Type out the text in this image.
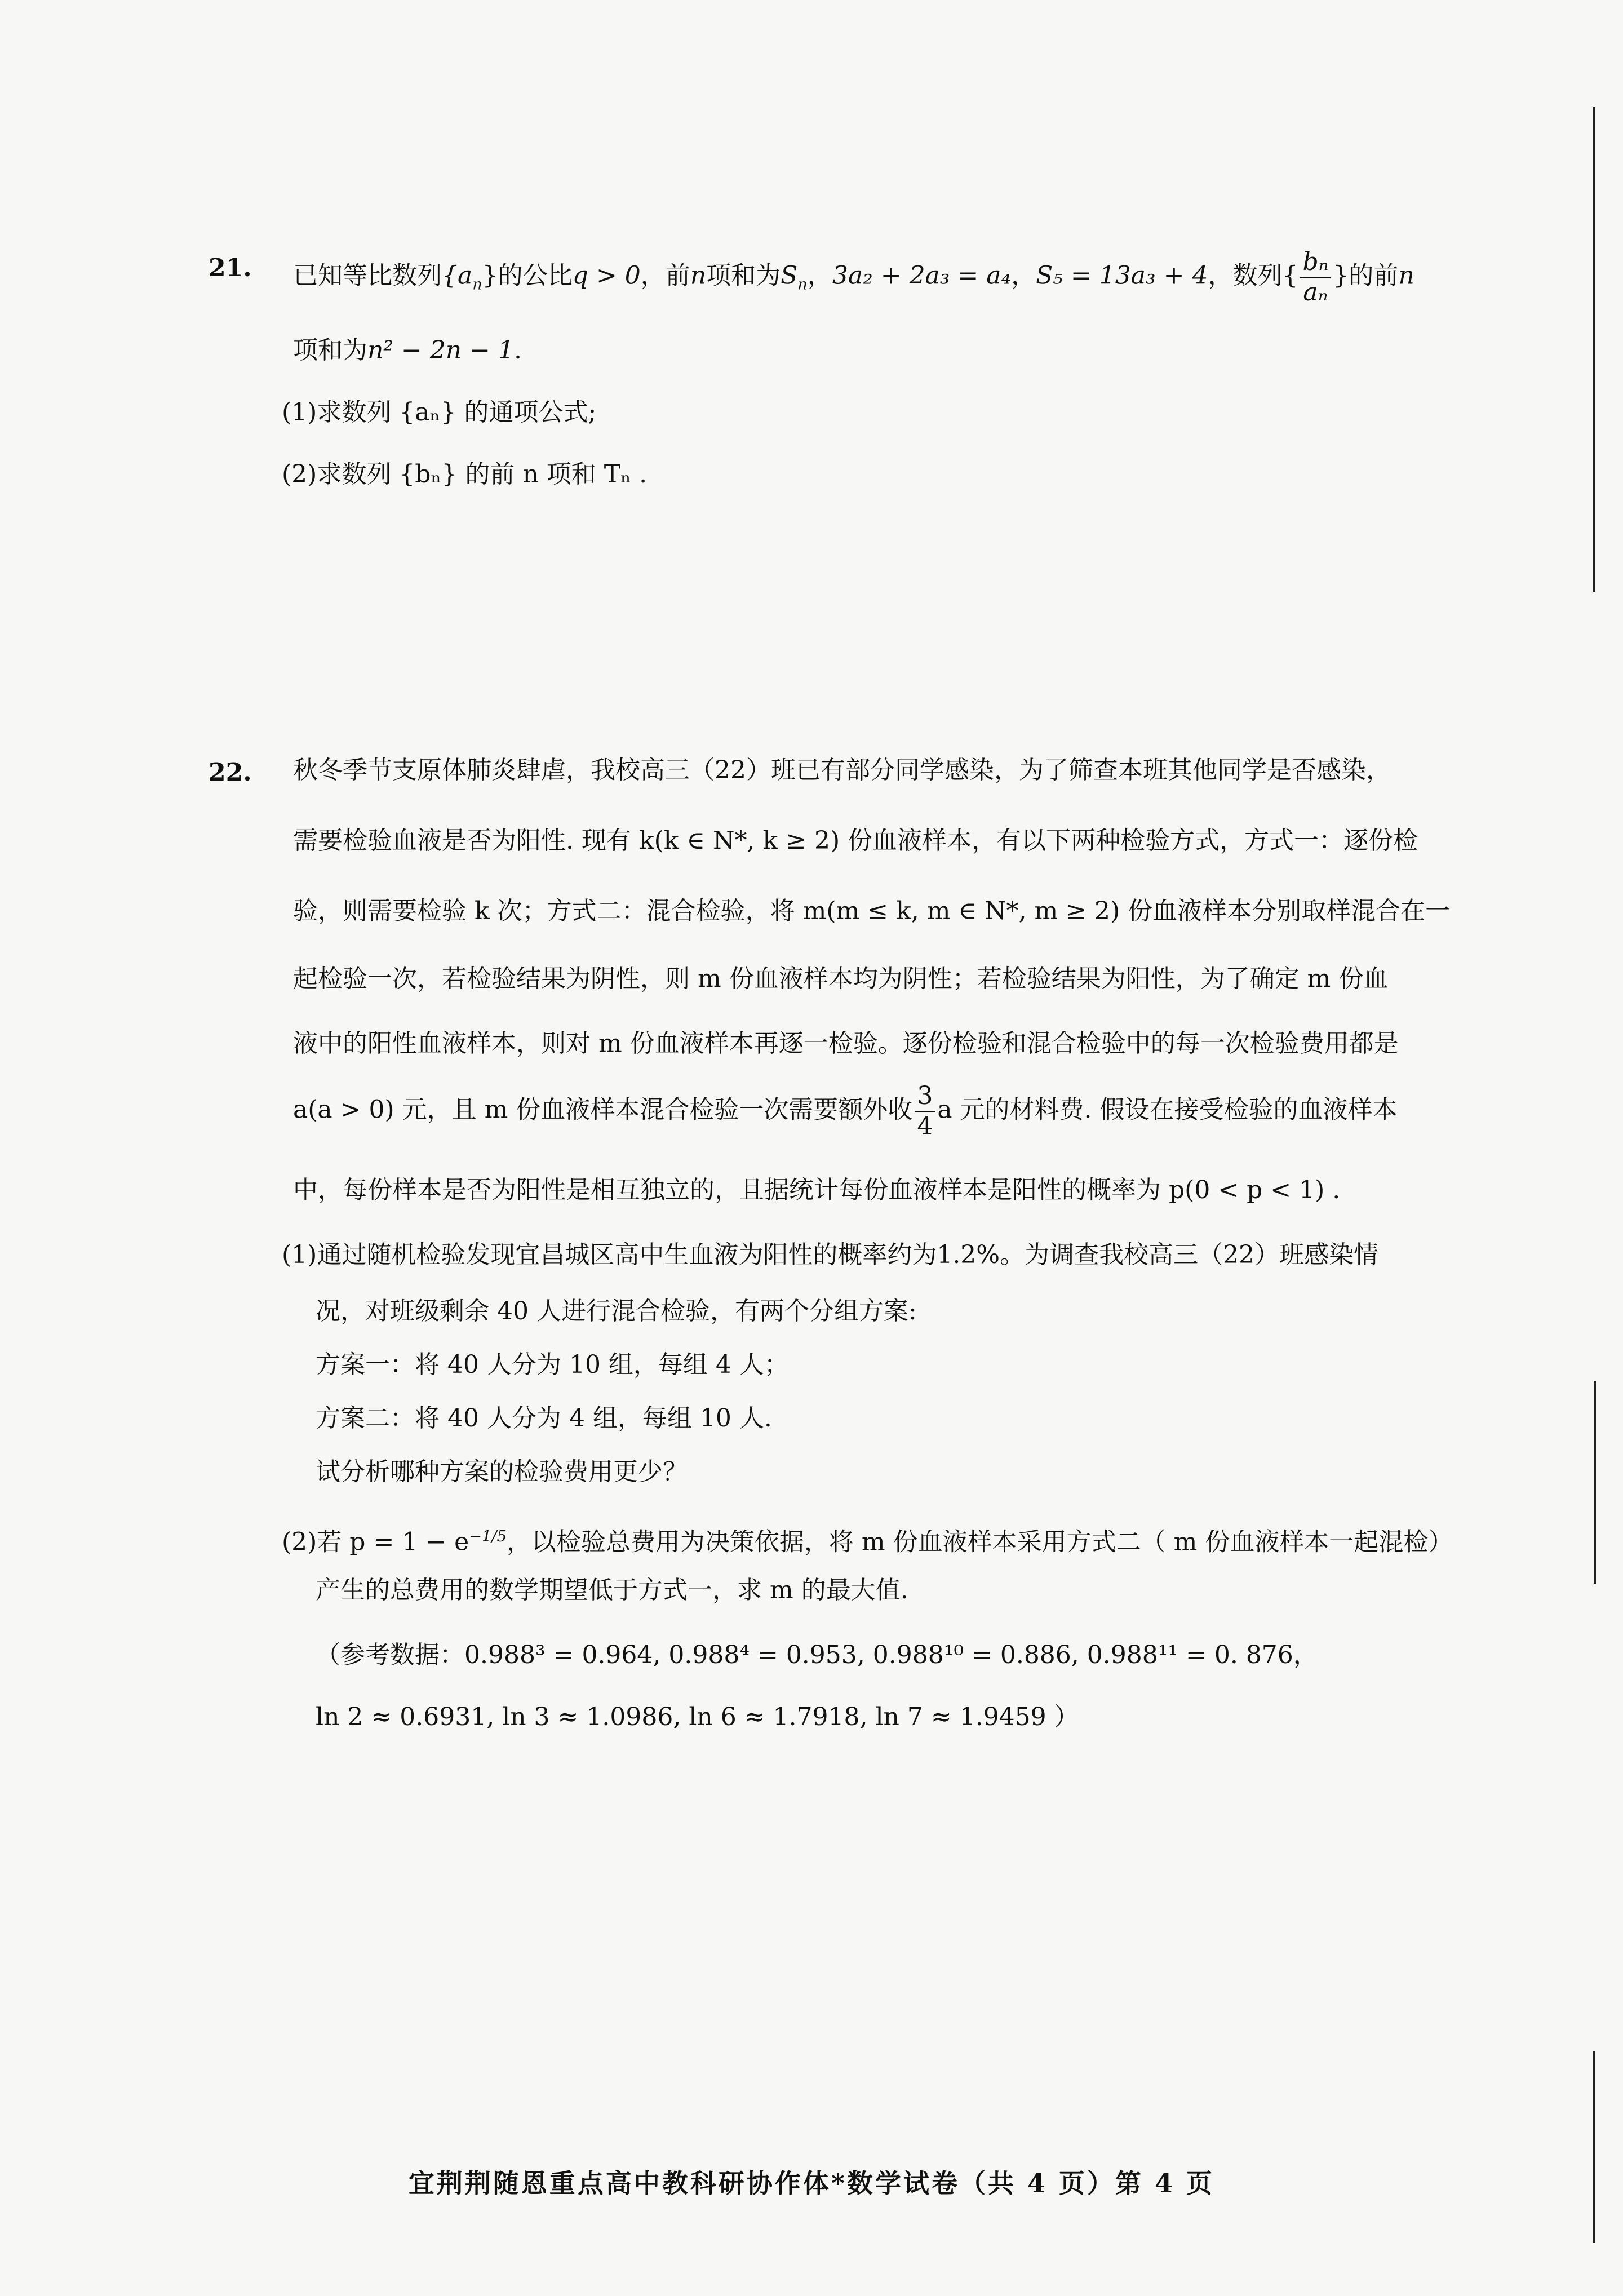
21. 已知等比数列$\{a_n\}$的公比q > 0，前n项和为$S_n$，3a₂ + 2a₃ = a₄，S₅ = 13a₃ + 4，数列{ $\frac{\text{bₙ}}{\text{aₙ}}$ }的前n
项和为n² − 2n − 1.
(1)求数列 {aₙ} 的通项公式;
(2)求数列 {bₙ} 的前 n 项和 Tₙ .
22. 秋冬季节支原体肺炎肆虐，我校高三（22）班已有部分同学感染，为了筛查本班其他同学是否感染，
需要检验血液是否为阳性. 现有 k(k ∈ N*, k ≥ 2) 份血液样本，有以下两种检验方式，方式一：逐份检
验，则需要检验 k 次；方式二：混合检验，将 m(m ≤ k, m ∈ N*, m ≥ 2) 份血液样本分别取样混合在一
起检验一次，若检验结果为阴性，则 m 份血液样本均为阴性；若检验结果为阳性，为了确定 m 份血
液中的阳性血液样本，则对 m 份血液样本再逐一检验。逐份检验和混合检验中的每一次检验费用都是
a(a > 0) 元，且 m 份血液样本混合检验一次需要额外收 $\frac{3}{4}$ a 元的材料费. 假设在接受检验的血液样本
中，每份样本是否为阳性是相互独立的，且据统计每份血液样本是阳性的概率为 p(0 < p < 1) .
(1)通过随机检验发现宜昌城区高中生血液为阳性的概率约为1.2%。为调查我校高三（22）班感染情
况，对班级剩余 40 人进行混合检验，有两个分组方案:
方案一：将 40 人分为 10 组，每组 4 人；
方案二：将 40 人分为 4 组，每组 10 人.
试分析哪种方案的检验费用更少？
(2)若 $p = 1 - e^{-1/5}$，以检验总费用为决策依据，将 m 份血液样本采用方式二（ m 份血液样本一起混检）
产生的总费用的数学期望低于方式一，求 m 的最大值.
（参考数据：0.988³ = 0.964, 0.988⁴ = 0.953, 0.988¹⁰ = 0.886, 0.988¹¹ = 0. 876，
ln 2 ≈ 0.6931, ln 3 ≈ 1.0986, ln 6 ≈ 1.7918, ln 7 ≈ 1.9459 ）
宜荆荆随恩重点高中教科研协作体*数学试卷（共 4 页）第 4 页
